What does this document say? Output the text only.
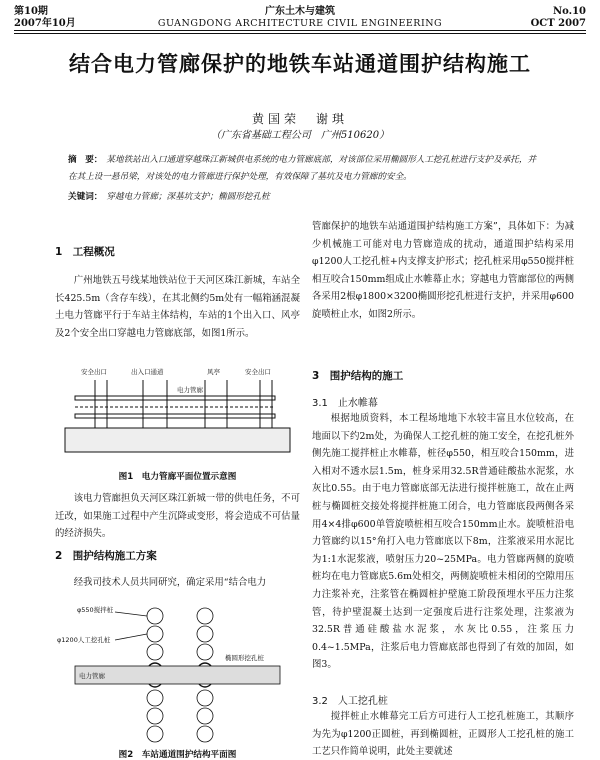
第10期
2007年10月
广东土木与建筑
GUANGDONG ARCHITECTURE CIVIL ENGINEERING
No.10
OCT 2007
结合电力管廊保护的地铁车站通道围护结构施工
黄国荣　谢琪
（广东省基础工程公司　广州510620）
摘　要： 某地铁站出入口通道穿越珠江新城供电系统的电力管廊底部，对该部位采用椭圆形人工挖孔桩进行支护及承托，并在其上设一悬吊梁，对该处的电力管廊进行保护处理，有效保障了基坑及电力管廊的安全。
关键词： 穿越电力管廊；深基坑支护；椭圆形挖孔桩
1　工程概况
广州地铁五号线某地铁站位于天河区珠江新城，车站全长425.5m（含存车线），在其北侧约5m处有一幅箱涵混凝土电力管廊平行于车站主体结构，车站的1个出入口、风亭及2个安全出口穿越电力管廊底部，如图1所示。
安全出口	出入口通道
电力管廊
风亭	安全出口
图1　电力管廊平面位置示意图
该电力管廊担负天河区珠江新城一带的供电任务，不可迁改，如果施工过程中产生沉降或变形，将会造成不可估量的经济损失。
2　围护结构施工方案
经我司技术人员共同研究，确定采用“结合电力
φ550搅拌桩
φ1200人工挖孔桩
电力管廊
椭圆形挖孔桩
图2　车站通道围护结构平面图
管廊保护的地铁车站通道围护结构施工方案”，具体如下：为减少机械施工可能对电力管廊造成的扰动，通道围护结构采用φ1200人工挖孔桩+内支撑支护形式；挖孔桩采用φ550搅拌桩相互咬合150mm组成止水帷幕止水；穿越电力管廊部位的两侧各采用2根φ1800×3200椭圆形挖孔桩进行支护，并采用φ600旋喷桩止水，如图2所示。
3　围护结构的施工
3.1　止水帷幕
根据地质资料，本工程场地地下水较丰富且水位较高，在地面以下约2m处，为确保人工挖孔桩的施工安全，在挖孔桩外侧先施工搅拌桩止水帷幕，桩径φ550，相互咬合150mm，进入相对不透水层1.5m，桩身采用32.5R普通硅酸盐水泥浆，水灰比0.55。由于电力管廊底部无法进行搅拌桩施工，故在止两桩与椭圆桩交接处将搅拌桩施工闭合，电力管廊底段两侧各采用4×4排φ600单管旋喷桩相互咬合150mm止水。旋喷桩沿电力管廊约以15°角打入电力管廊底以下8m，注浆液采用水泥比为1:1水泥浆液，喷射压力20~25MPa。电力管廊两侧的旋喷桩均在电力管廊底5.6m处相交，两侧旋喷桩未相闭的空隙用压力注浆补充，注浆管在椭圆桩护壁施工阶段预埋水平压力注浆管，待护壁混凝土达到一定强度后进行注浆处理，注浆液为32.5R普通硅酸盐水泥浆，水灰比0.55，注浆压力0.4~1.5MPa，注浆后电力管廊底部也得到了有效的加固，如图3。
3.2　人工挖孔桩
搅拌桩止水帷幕完工后方可进行人工挖孔桩施工，其顺序为先为φ1200正圆桩，再到椭圆桩，正圆形人工挖孔桩的施工工艺只作简单说明，此处主要就述
